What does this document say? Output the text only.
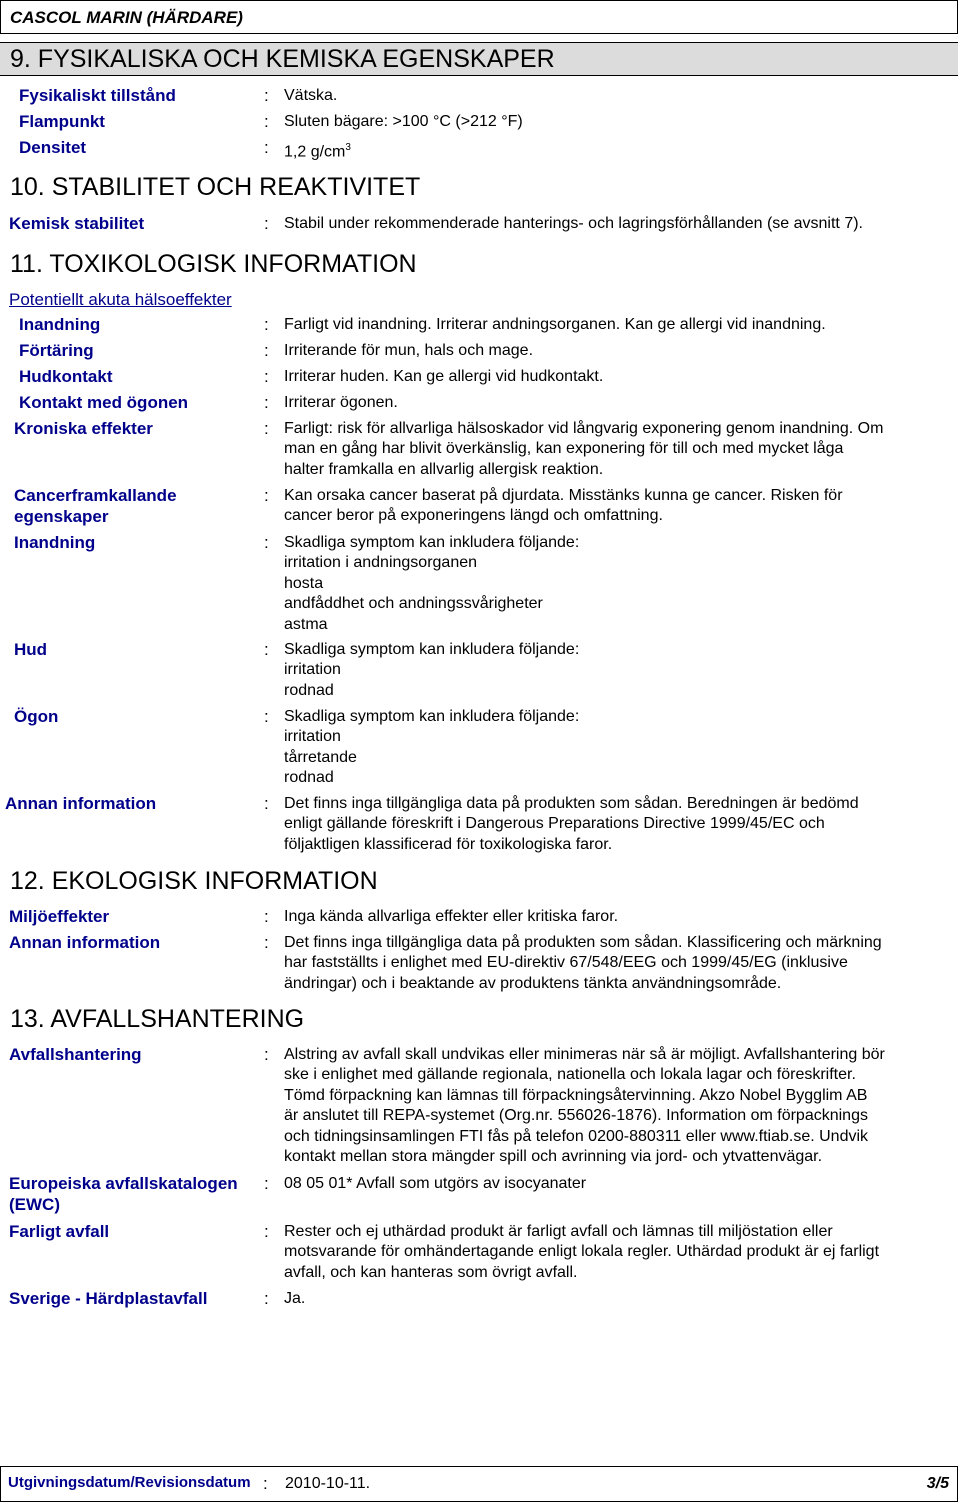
CASCOL MARIN (HÄRDARE)
9. FYSIKALISKA OCH KEMISKA EGENSKAPER
Fysikaliskt tillstånd	: Vätska.
Flampunkt	: Sluten bägare: >100 °C (>212 °F)
Densitet	: 1,2 $g/cm^3$
10. STABILITET OCH REAKTIVITET
Kemisk stabilitet	: Stabil under rekommenderade hanterings- och lagringsförhållanden (se avsnitt 7).
11. TOXIKOLOGISK INFORMATION
Potentiellt akuta hälsoeffekter
Inandning	: Farligt vid inandning. Irriterar andningsorganen. Kan ge allergi vid inandning.
Förtäring	: Irriterande för mun, hals och mage.
Hudkontakt	: Irriterar huden. Kan ge allergi vid hudkontakt.
Kontakt med ögonen	: Irriterar ögonen.
Kroniska effekter	: Farligt: risk för allvarliga hälsoskador vid långvarig exponering genom inandning. Om
man en gång har blivit överkänslig, kan exponering för till och med mycket låga
halter framkalla en allvarlig allergisk reaktion.
Cancerframkallande
egenskaper
: Kan orsaka cancer baserat på djurdata. Misstänks kunna ge cancer. Risken för
cancer beror på exponeringens längd och omfattning.
Inandning	: Skadliga symptom kan inkludera följande:
irritation i andningsorganen
hosta
andfåddhet och andningssvårigheter
astma
Hud	: Skadliga symptom kan inkludera följande:
irritation
rodnad
Ögon	: Skadliga symptom kan inkludera följande:
irritation
tårretande
rodnad
Annan information	: Det finns inga tillgängliga data på produkten som sådan. Beredningen är bedömd
enligt gällande föreskrift i Dangerous Preparations Directive 1999/45/EC och
följaktligen klassificerad för toxikologiska faror.
12. EKOLOGISK INFORMATION
Miljöeffekter	: Inga kända allvarliga effekter eller kritiska faror.
Annan information	: Det finns inga tillgängliga data på produkten som sådan. Klassificering och märkning
har fastställts i enlighet med EU-direktiv 67/548/EEG och 1999/45/EG (inklusive
ändringar) och i beaktande av produktens tänkta användningsområde.
13. AVFALLSHANTERING
Avfallshantering	: Alstring av avfall skall undvikas eller minimeras när så är möjligt. Avfallshantering bör
ske i enlighet med gällande regionala, nationella och lokala lagar och föreskrifter.
Tömd förpackning kan lämnas till förpackningsåtervinning. Akzo Nobel Bygglim AB
är anslutet till REPA-systemet (Org.nr. 556026-1876). Information om förpacknings
och tidningsinsamlingen FTI fås på telefon 0200-880311 eller www.ftiab.se. Undvik
kontakt mellan stora mängder spill och avrinning via jord- och ytvattenvägar.
Europeiska avfallskatalogen
(EWC)
: 08 05 01* Avfall som utgörs av isocyanater
Farligt avfall	: Rester och ej uthärdad produkt är farligt avfall och lämnas till miljöstation eller
motsvarande för omhändertagande enligt lokala regler. Uthärdad produkt är ej farligt
avfall, och kan hanteras som övrigt avfall.
Sverige - Härdplastavfall	: Ja.
Utgivningsdatum/Revisionsdatum : 2010-10-11.	3/5
